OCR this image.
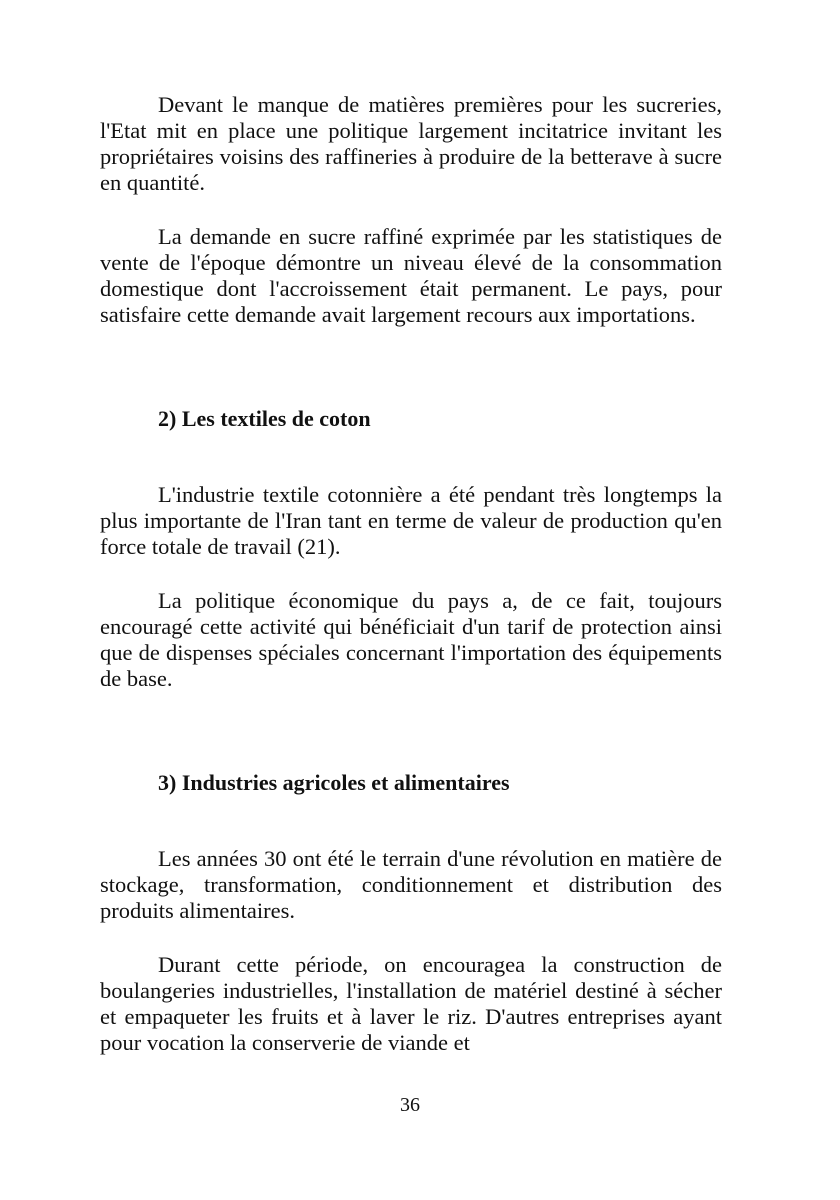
Devant le manque de matières premières pour les sucreries, l'Etat mit en place une politique largement incitatrice invitant les propriétaires voisins des raffineries à produire de la betterave à sucre en quantité.

La demande en sucre raffiné exprimée par les statistiques de vente de l'époque démontre un niveau élevé de la consommation domestique dont l'accroissement était permanent. Le pays, pour satisfaire cette demande avait largement recours aux importations.

2) Les textiles de coton

L'industrie textile cotonnière a été pendant très longtemps la plus importante de l'Iran tant en terme de valeur de production qu'en force totale de travail (21).

La politique économique du pays a, de ce fait, toujours encouragé cette activité qui bénéficiait d'un tarif de protection ainsi que de dispenses spéciales concernant l'importation des équipements de base.

3) Industries agricoles et alimentaires

Les années 30 ont été le terrain d'une révolution en matière de stockage, transformation, conditionnement et distribution des produits alimentaires.

Durant cette période, on encouragea la construction de boulangeries industrielles, l'installation de matériel destiné à sécher et empaqueter les fruits et à laver le riz. D'autres entreprises ayant pour vocation la conserverie de viande et

36
